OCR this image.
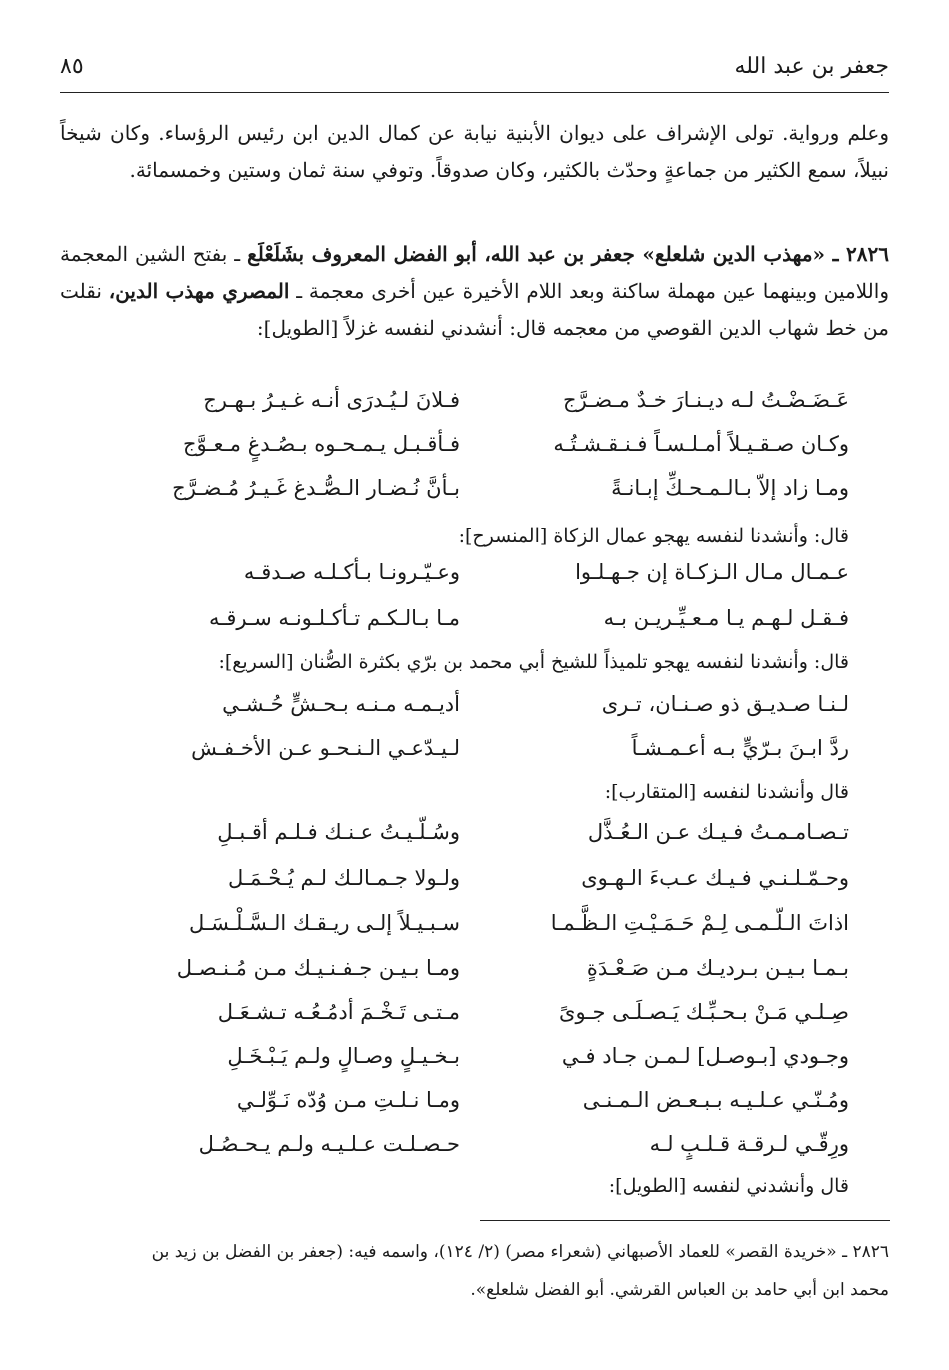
جعفر بن عبد الله
٨٥
وعلم ورواية. تولى الإشراف على ديوان الأبنية نيابة عن كمال الدين ابن رئيس الرؤساء. وكان شيخاً نبيلاً، سمع الكثير من جماعةٍ وحدّث بالكثير، وكان صدوقاً. وتوفي سنة ثمان وستين وخمسمائة.
٢٨٢٦ ـ «مهذب الدين شلعلع» جعفر بن عبد الله، أبو الفضل المعروف بشَلَعْلَع ـ بفتح الشين المعجمة واللامين وبينهما عين مهملة ساكنة وبعد اللام الأخيرة عين أخرى معجمة ـ المصري مهذب الدين، نقلت من خط شهاب الدين القوصي من معجمه قال: أنشدني لنفسه غزلاً [الطويل]:
عَـضَـضْـتُ لـه ديـنـارَ خـدٌ مـضـرَّج
فـلانَ لـيُـدرَى أنـه غـيـرُ بـهـرج
وكـان صـقـيـلاً أمـلـسـاً فـنـقـشـتُـه
فـأقـبـل يـمـحـوه بـصُـدغٍ مـعـوَّج
ومـا زاد إلاّ بـالـمـحـكِّ إبـانـةً
بـأنَّ نُـضـار الـصُّـدغ غَـيـرُ مُـضـرَّج
قال: وأنشدنا لنفسه يهجو عمال الزكاة [المنسرح]:
عـمـال مـال الـزكـاة إن جـهـلـوا
وعـيّـرونـا بـأكـلـه صـدقـه
فـقـل لـهـم يـا مـعـيِّـريـن بـه
مـا بـالـكـم تـأكـلـونـه سـرقـه
قال: وأنشدنا لنفسه يهجو تلميذاً للشيخ أبي محمد بن برّي بكثرة الصُّنان [السريع]:
لـنـا صـديـق ذو صـنـان، تـرى
أديـمـه مـنـه بـحـشٍّ حُـشـي
ردَّ ابـنَ بـرّيٍّ بـه أعـمـشـاً
لـيـدّعـي الـنـحـو عـن الأخـفـش
قال وأنشدنا لنفسه [المتقارب]:
تـصـامـمـتُ فـيـك عـن الـعُـذَّل
وسُـلّـيـتُ عـنـك فـلـم أقـبـلِ
وحـمّـلـنـي فـيـك عـبءَ الـهـوى
ولـولا جـمـالـك لـم يُـحْـمَـل
اذاتَ الـلّـمـى لِـمْ حَـمَـيْـتِ الـظَّـمـا
سـبـيـلاً إلـى ريـقـك الـسَّـلْـسَـل
بـمـا بـيـن بـرديـك مـن صَـعْـدَةٍ
ومـا بـيـن جـفـنـيـك مـن مُـنـصـل
صِـلـي مَـنْ بـحـبِّـك يَـصـلَـى جـوىً
مـتـى تَـخْـمَ أدمُـعُـه تـشـعَـل
وجـودي [بـوصـل] لـمـن جـاد فـي
بـخـيـلٍ وصـالٍ ولـم يَـبْـخَـلِ
ومُـنّـي عـلـيـه بـبـعـض الـمـنـى
ومـا نـلـتِ مـن وُدّه نَـوِّلـي
ورِقّـي لـرقـة قـلـبٍ لـه
حـصـلـت عـلـيـه ولـم يـحـصُـل
قال وأنشدني لنفسه [الطويل]:
٢٨٢٦ ـ «خريدة القصر» للعماد الأصبهاني (شعراء مصر) (٢/ ١٢٤)، واسمه فيه: (جعفر بن الفضل بن زيد بن
محمد ابن أبي حامد بن العباس القرشي. أبو الفضل شلعلع».
